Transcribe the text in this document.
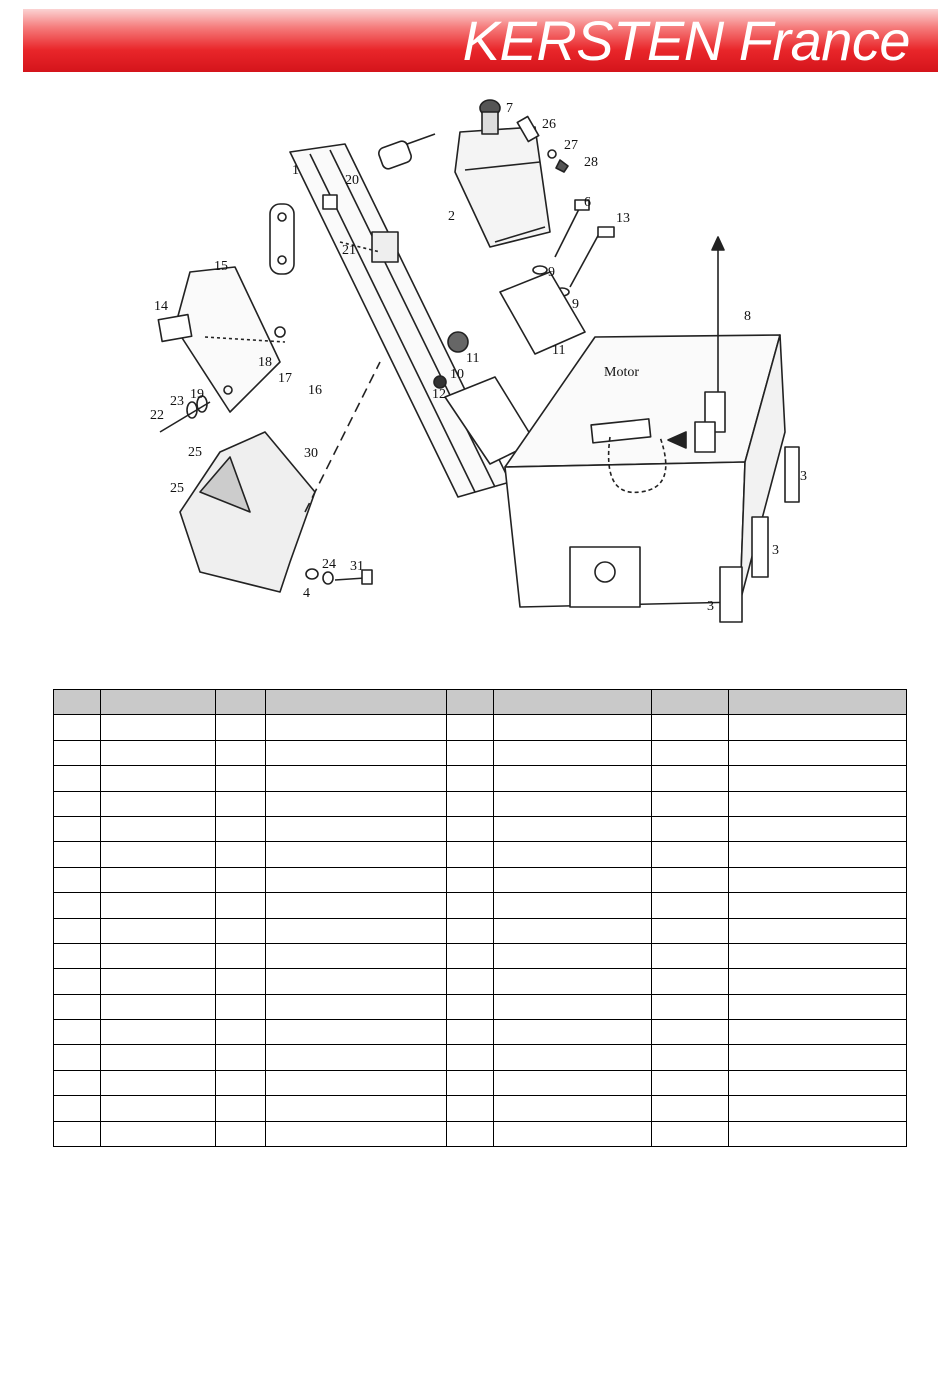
KERSTEN France
1
2
3
3
3
4
6
7
8
9
9
10
11
11
12
13
14
15
16
17
18
19
20
21
22
23
24
25
25
26
27
28
30
31
Motor
